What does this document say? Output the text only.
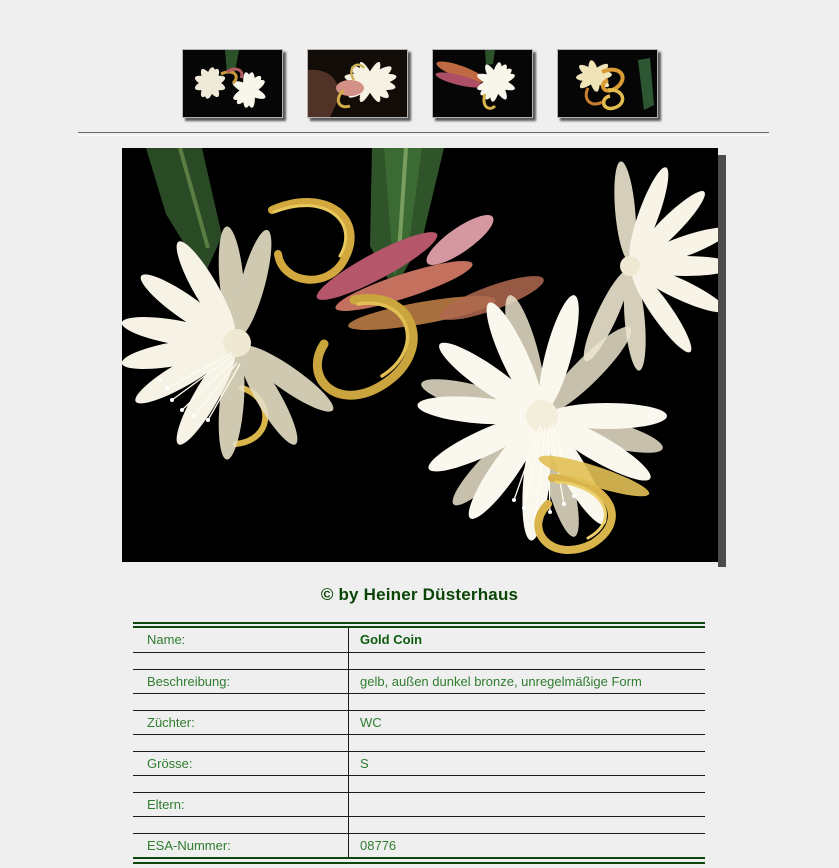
© by Heiner Düsterhaus
Name:	Gold Coin

Beschreibung:	gelb, außen dunkel bronze, unregelmäßige Form

Züchter:	WC

Grösse:	S

Eltern:	

ESA-Nummer:	08776
